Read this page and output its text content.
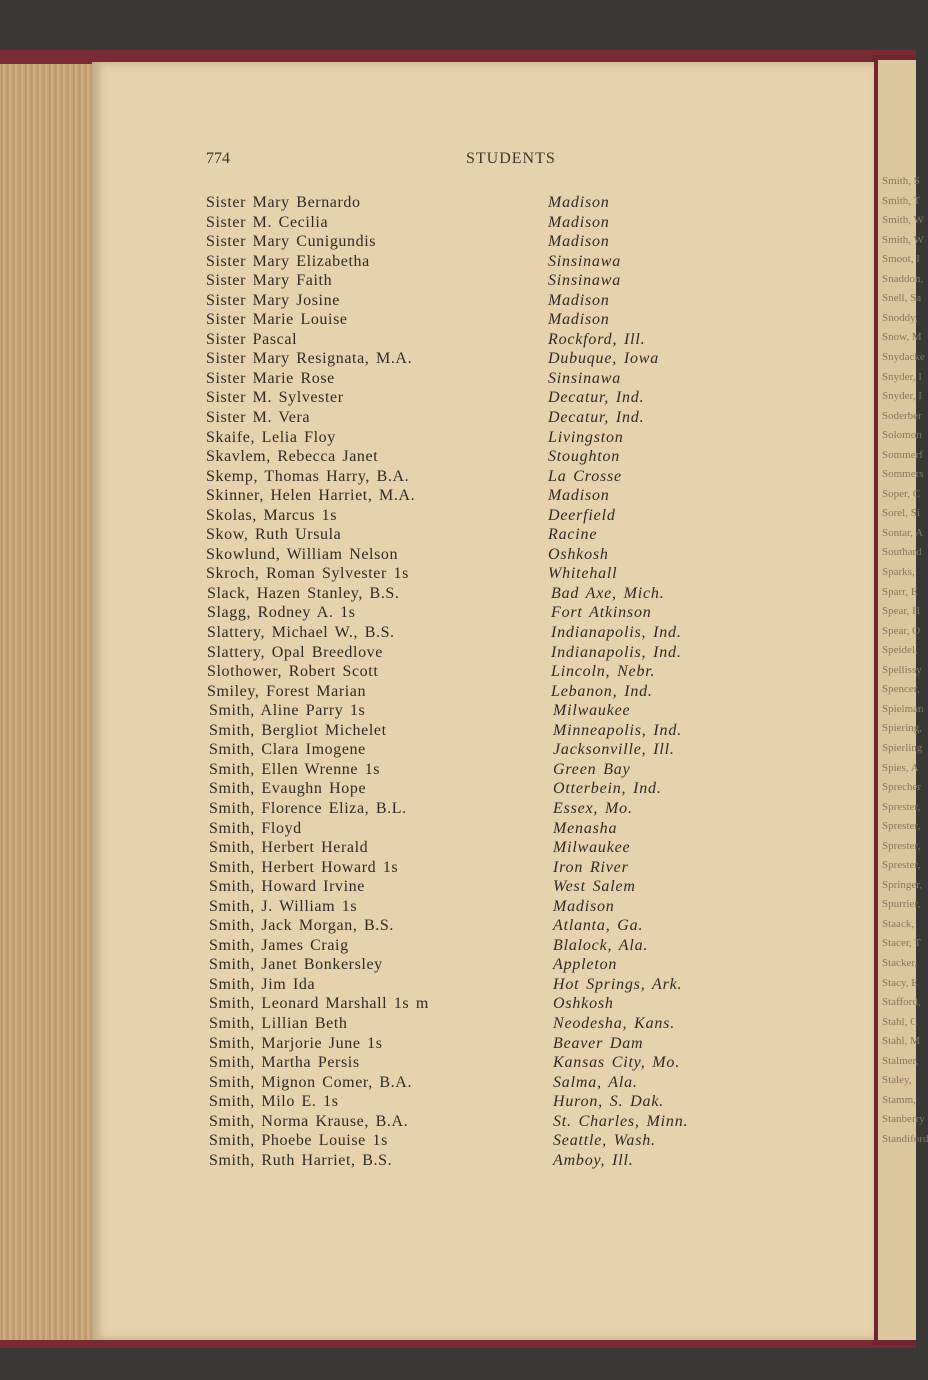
Smith, S
Smith, T
Smith, W
Smith, W
Smoot, I
Snaddon,
Snell, Sa
Snoddy,
Snow, M
Snydacke
Snyder, I
Snyder, I
Soderber
Solomon
Sommerf
Sommers
Soper, C
Sorel, Si
Sontar, A
Southard
Sparks,
Sparr, E
Spear, H
Spear, O
Speidel,
Spellissy
Spencer,
Spielman
Spiering,
Spierling
Spies, A
Sprecher
Sprester,
Sprester,
Sprester,
Sprester,
Springer,
Spurrier,
Staack,
Stacer, T
Stacker,
Stacy, E
Stafford,
Stahl, C
Stahl, M
Stalmer,
Staley,
Stamm,
Stanberry
Standiford
774	STUDENTS
Sister Mary Bernardo	Madison
Sister M. Cecilia	Madison
Sister Mary Cunigundis	Madison
Sister Mary Elizabetha	Sinsinawa
Sister Mary Faith	Sinsinawa
Sister Mary Josine	Madison
Sister Marie Louise	Madison
Sister Pascal	Rockford, Ill.
Sister Mary Resignata, M.A.	Dubuque, Iowa
Sister Marie Rose	Sinsinawa
Sister M. Sylvester	Decatur, Ind.
Sister M. Vera	Decatur, Ind.
Skaife, Lelia Floy	Livingston
Skavlem, Rebecca Janet	Stoughton
Skemp, Thomas Harry, B.A.	La Crosse
Skinner, Helen Harriet, M.A.	Madison
Skolas, Marcus 1s	Deerfield
Skow, Ruth Ursula	Racine
Skowlund, William Nelson	Oshkosh
Skroch, Roman Sylvester 1s	Whitehall
Slack, Hazen Stanley, B.S.	Bad Axe, Mich.
Slagg, Rodney A. 1s	Fort Atkinson
Slattery, Michael W., B.S.	Indianapolis, Ind.
Slattery, Opal Breedlove	Indianapolis, Ind.
Slothower, Robert Scott	Lincoln, Nebr.
Smiley, Forest Marian	Lebanon, Ind.
Smith, Aline Parry 1s	Milwaukee
Smith, Bergliot Michelet	Minneapolis, Ind.
Smith, Clara Imogene	Jacksonville, Ill.
Smith, Ellen Wrenne 1s	Green Bay
Smith, Evaughn Hope	Otterbein, Ind.
Smith, Florence Eliza, B.L.	Essex, Mo.
Smith, Floyd	Menasha
Smith, Herbert Herald	Milwaukee
Smith, Herbert Howard 1s	Iron River
Smith, Howard Irvine	West Salem
Smith, J. William 1s	Madison
Smith, Jack Morgan, B.S.	Atlanta, Ga.
Smith, James Craig	Blalock, Ala.
Smith, Janet Bonkersley	Appleton
Smith, Jim Ida	Hot Springs, Ark.
Smith, Leonard Marshall 1s m	Oshkosh
Smith, Lillian Beth	Neodesha, Kans.
Smith, Marjorie June 1s	Beaver Dam
Smith, Martha Persis	Kansas City, Mo.
Smith, Mignon Comer, B.A.	Salma, Ala.
Smith, Milo E. 1s	Huron, S. Dak.
Smith, Norma Krause, B.A.	St. Charles, Minn.
Smith, Phoebe Louise 1s	Seattle, Wash.
Smith, Ruth Harriet, B.S.	Amboy, Ill.
